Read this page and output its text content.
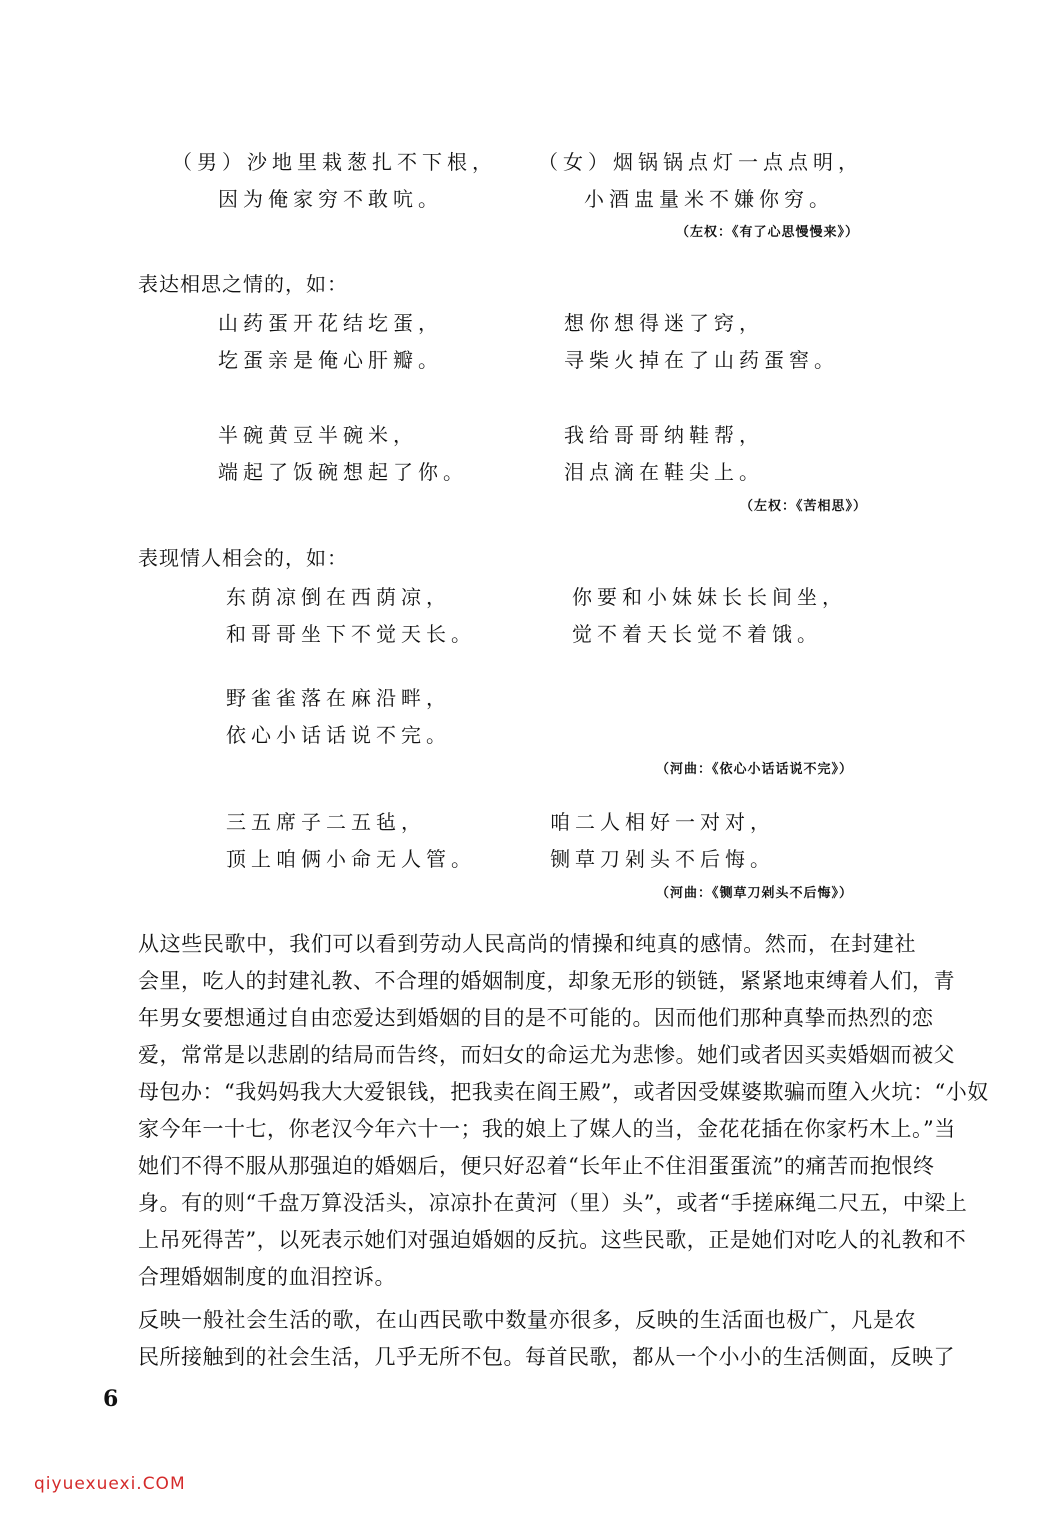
（男）沙地里栽葱扎不下根，
因为俺家穷不敢吭。
（女）烟锅锅点灯一点点明，
小酒盅量米不嫌你穷。
（左权：《有了心思慢慢来》）
表达相思之情的，如：
山药蛋开花结圪蛋，
圪蛋亲是俺心肝瓣。
想你想得迷了窍，
寻柴火掉在了山药蛋窖。
半碗黄豆半碗米，
端起了饭碗想起了你。
我给哥哥纳鞋帮，
泪点滴在鞋尖上。
（左权：《苦相思》）
表现情人相会的，如：
东荫凉倒在西荫凉，
和哥哥坐下不觉天长。
你要和小妹妹长长间坐，
觉不着天长觉不着饿。
野雀雀落在麻沿畔，
依心小话话说不完。
（河曲：《依心小话话说不完》）
三五席子二五毡，
顶上咱俩小命无人管。
咱二人相好一对对，
铡草刀剁头不后悔。
（河曲：《铡草刀剁头不后悔》）
从这些民歌中，我们可以看到劳动人民高尚的情操和纯真的感情。然而，在封建社
会里，吃人的封建礼教、不合理的婚姻制度，却象无形的锁链，紧紧地束缚着人们，青
年男女要想通过自由恋爱达到婚姻的目的是不可能的。因而他们那种真挚而热烈的恋
爱，常常是以悲剧的结局而告终，而妇女的命运尤为悲惨。她们或者因买卖婚姻而被父
母包办：“我妈妈我大大爱银钱，把我卖在阎王殿”，或者因受媒婆欺骗而堕入火坑：“小奴
家今年一十七，你老汉今年六十一；我的娘上了媒人的当，金花花插在你家朽木上。”当
她们不得不服从那强迫的婚姻后，便只好忍着“长年止不住泪蛋蛋流”的痛苦而抱恨终
身。有的则“千盘万算没活头，凉凉扑在黄河（里）头”，或者“手搓麻绳二尺五，中梁上
上吊死得苦”，以死表示她们对强迫婚姻的反抗。这些民歌，正是她们对吃人的礼教和不
合理婚姻制度的血泪控诉。
反映一般社会生活的歌，在山西民歌中数量亦很多，反映的生活面也极广，凡是农
民所接触到的社会生活，几乎无所不包。每首民歌，都从一个小小的生活侧面，反映了
6
qiyuexuexi.COM
